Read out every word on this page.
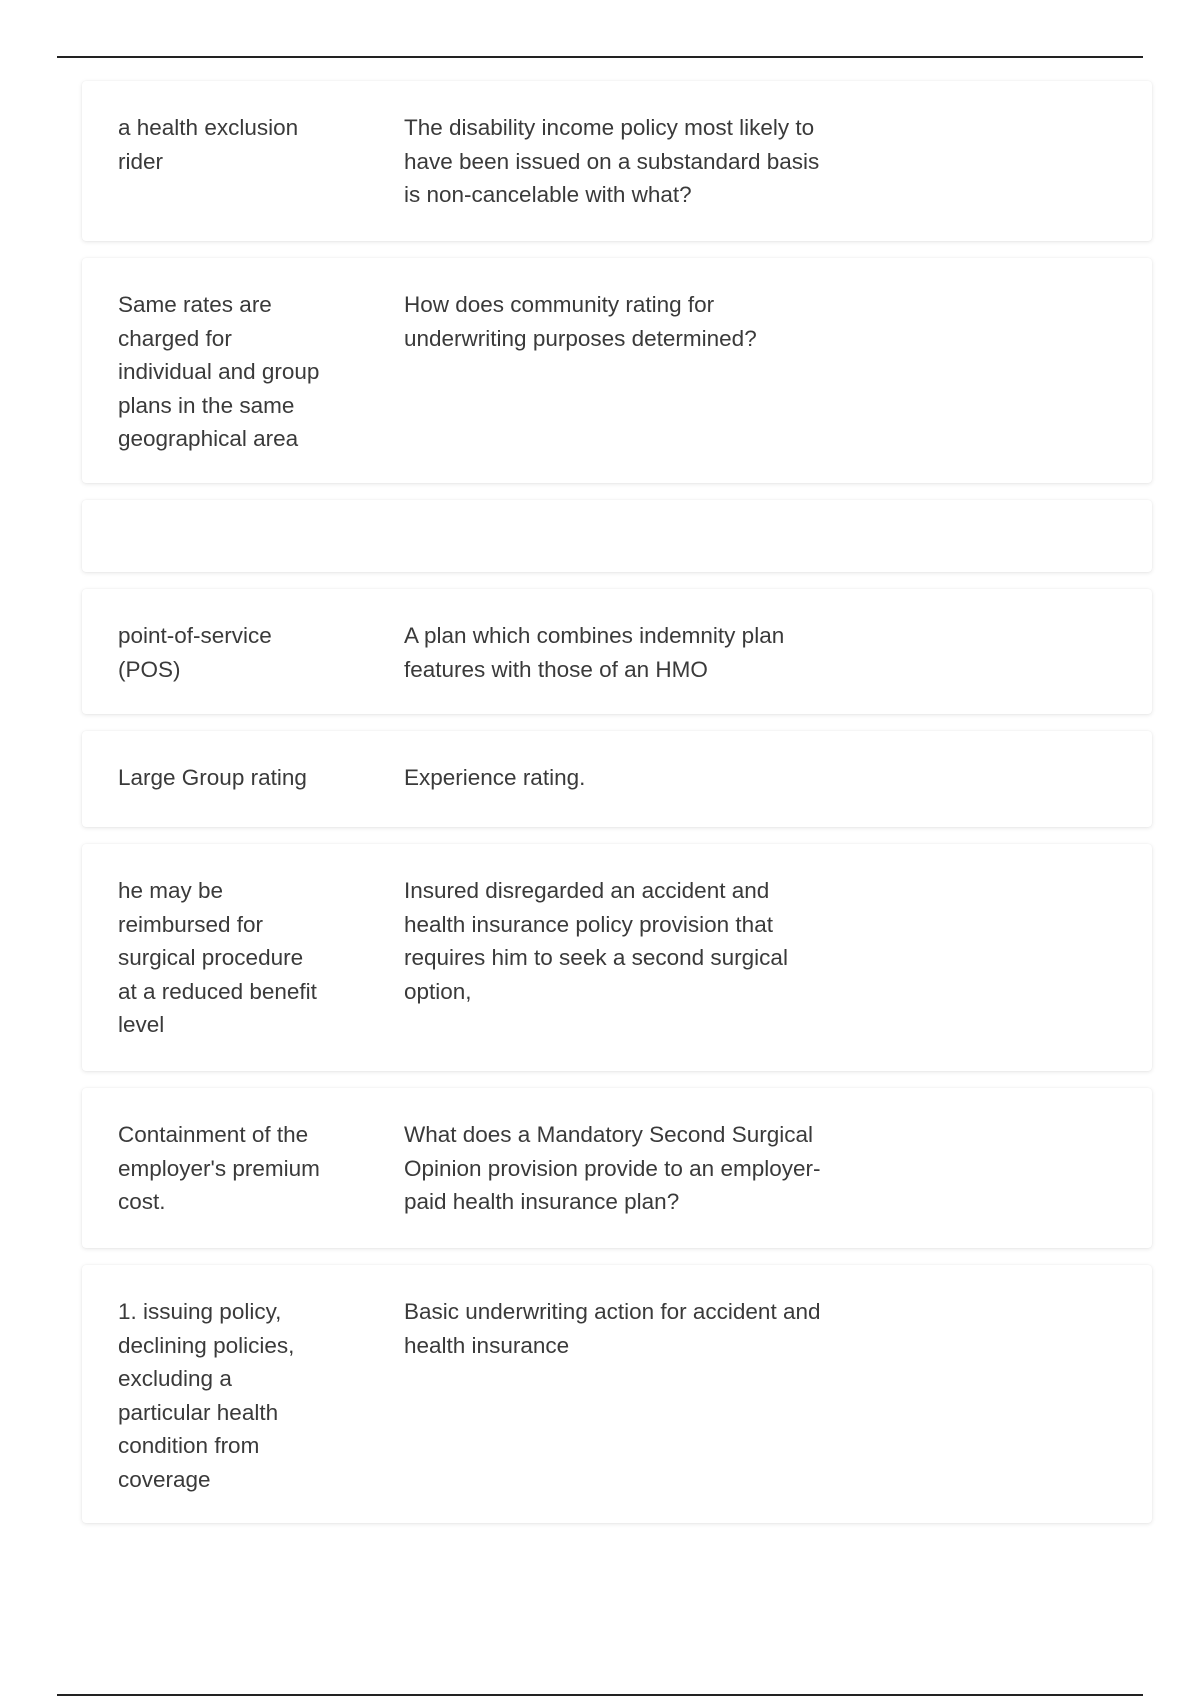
a health exclusion
rider
The disability income policy most likely to
have been issued on a substandard basis
is non-cancelable with what?
Same rates are
charged for
individual and group
plans in the same
geographical area
How does community rating for
underwriting purposes determined?
point-of-service
(POS)
A plan which combines indemnity plan
features with those of an HMO
Large Group rating	Experience rating.
he may be
reimbursed for
surgical procedure
at a reduced benefit
level
Insured disregarded an accident and
health insurance policy provision that
requires him to seek a second surgical
option,
Containment of the
employer's premium
cost.
What does a Mandatory Second Surgical
Opinion provision provide to an employer-
paid health insurance plan?
1. issuing policy,
declining policies,
excluding a
particular health
condition from
coverage
Basic underwriting action for accident and
health insurance
